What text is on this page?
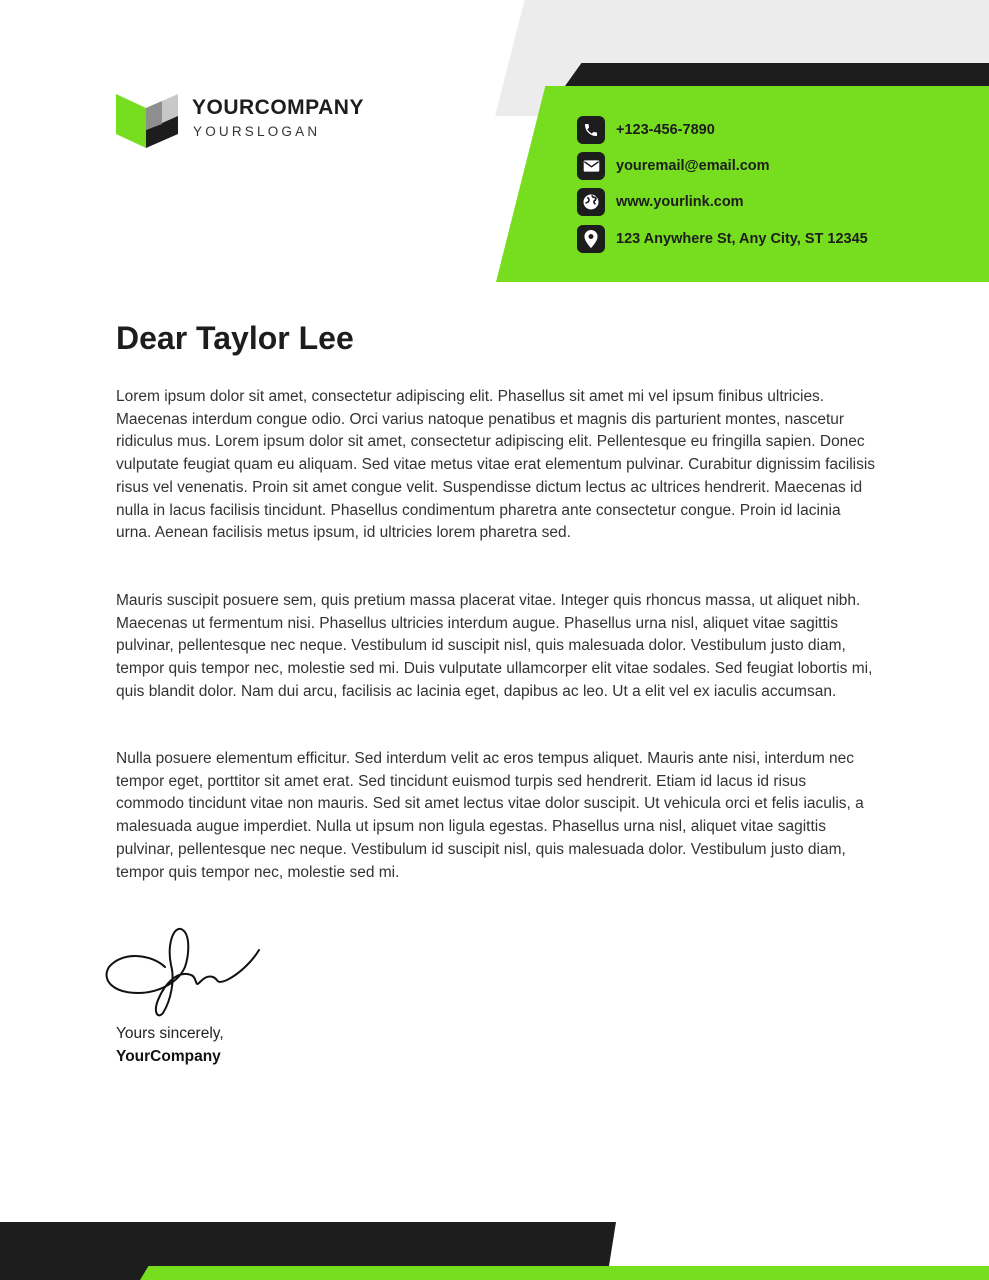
YOURCOMPANY
YOURSLOGAN	+123-456-7890
youremail@email.com
www.yourlink.com
123 Anywhere St, Any City, ST 12345
Dear Taylor Lee

Lorem ipsum dolor sit amet, consectetur adipiscing elit. Phasellus sit amet mi vel ipsum finibus ultricies. Maecenas interdum congue odio. Orci varius natoque penatibus et magnis dis parturient montes, nascetur ridiculus mus. Lorem ipsum dolor sit amet, consectetur adipiscing elit. Pellentesque eu fringilla sapien. Donec vulputate feugiat quam eu aliquam. Sed vitae metus vitae erat elementum pulvinar. Curabitur dignissim facilisis risus vel venenatis. Proin sit amet congue velit. Suspendisse dictum lectus ac ultrices hendrerit. Maecenas id nulla in lacus facilisis tincidunt. Phasellus condimentum pharetra ante consectetur congue. Proin id lacinia urna. Aenean facilisis metus ipsum, id ultricies lorem pharetra sed.

Mauris suscipit posuere sem, quis pretium massa placerat vitae. Integer quis rhoncus massa, ut aliquet nibh. Maecenas ut fermentum nisi. Phasellus ultricies interdum augue. Phasellus urna nisl, aliquet vitae sagittis pulvinar, pellentesque nec neque. Vestibulum id suscipit nisl, quis malesuada dolor. Vestibulum justo diam, tempor quis tempor nec, molestie sed mi. Duis vulputate ullamcorper elit vitae sodales. Sed feugiat lobortis mi, quis blandit dolor. Nam dui arcu, facilisis ac lacinia eget, dapibus ac leo. Ut a elit vel ex iaculis accumsan.

Nulla posuere elementum efficitur. Sed interdum velit ac eros tempus aliquet. Mauris ante nisi, interdum nec tempor eget, porttitor sit amet erat. Sed tincidunt euismod turpis sed hendrerit. Etiam id lacus id risus commodo tincidunt vitae non mauris. Sed sit amet lectus vitae dolor suscipit. Ut vehicula orci et felis iaculis, a malesuada augue imperdiet. Nulla ut ipsum non ligula egestas. Phasellus urna nisl, aliquet vitae sagittis pulvinar, pellentesque nec neque. Vestibulum id suscipit nisl, quis malesuada dolor. Vestibulum justo diam, tempor quis tempor nec, molestie sed mi.

Yours sincerely,
YourCompany
